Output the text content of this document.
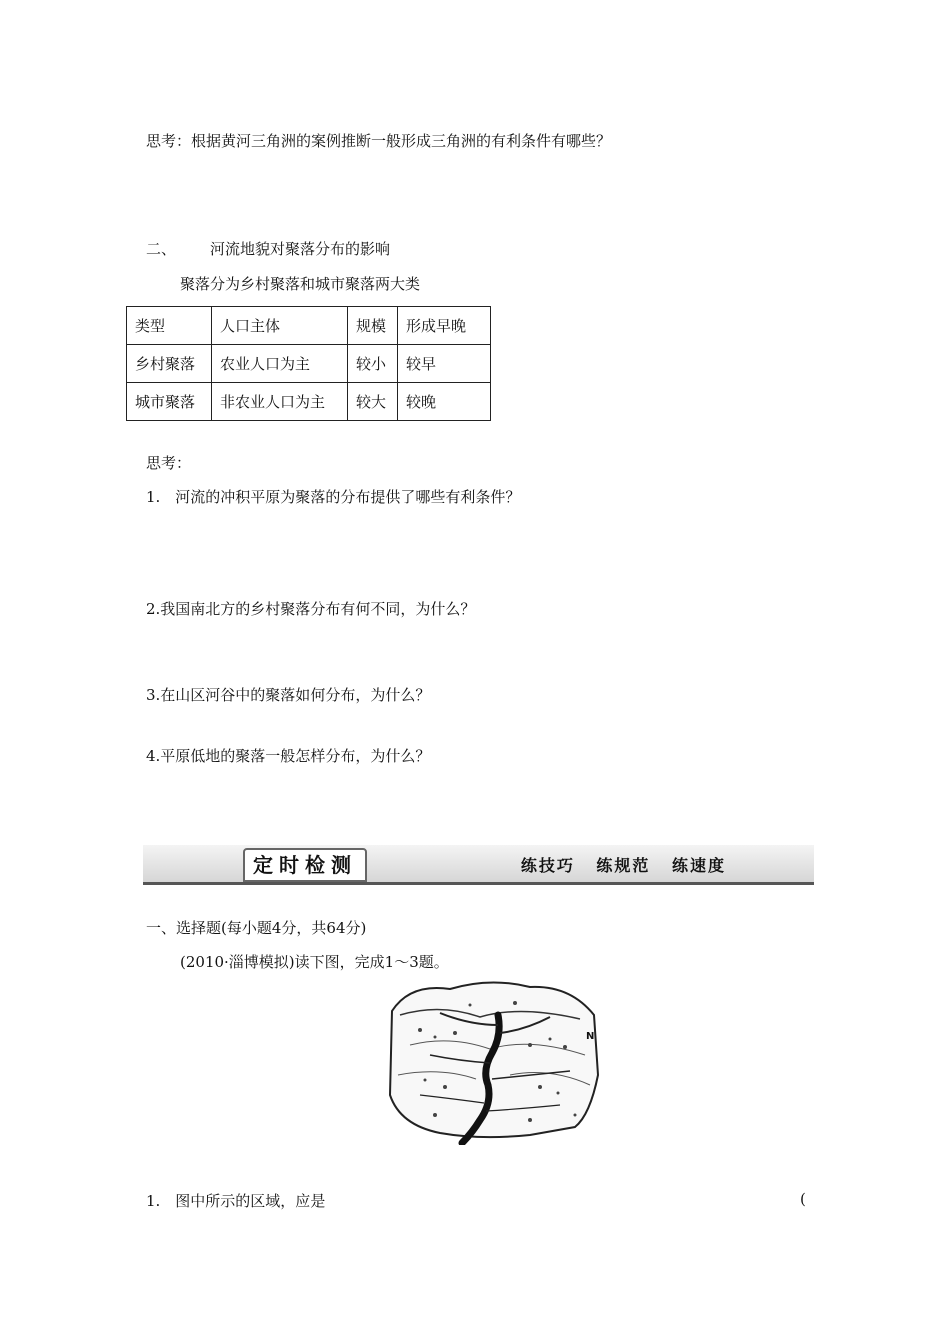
思考：根据黄河三角洲的案例推断一般形成三角洲的有利条件有哪些？
二、 河流地貌对聚落分布的影响
聚落分为乡村聚落和城市聚落两大类
类型	人口主体	规模	形成早晚
乡村聚落	农业人口为主	较小	较早
城市聚落	非农业人口为主	较大	较晚
思考：
1.　河流的冲积平原为聚落的分布提供了哪些有利条件？
2.我国南北方的乡村聚落分布有何不同，为什么？
3.在山区河谷中的聚落如何分布，为什么？
4.平原低地的聚落一般怎样分布，为什么？
定时检测	练技巧 练规范 练速度
一、选择题(每小题4分，共64分)
(2010·淄博模拟)读下图，完成1～3题。
N
1.　图中所示的区域，应是	(
